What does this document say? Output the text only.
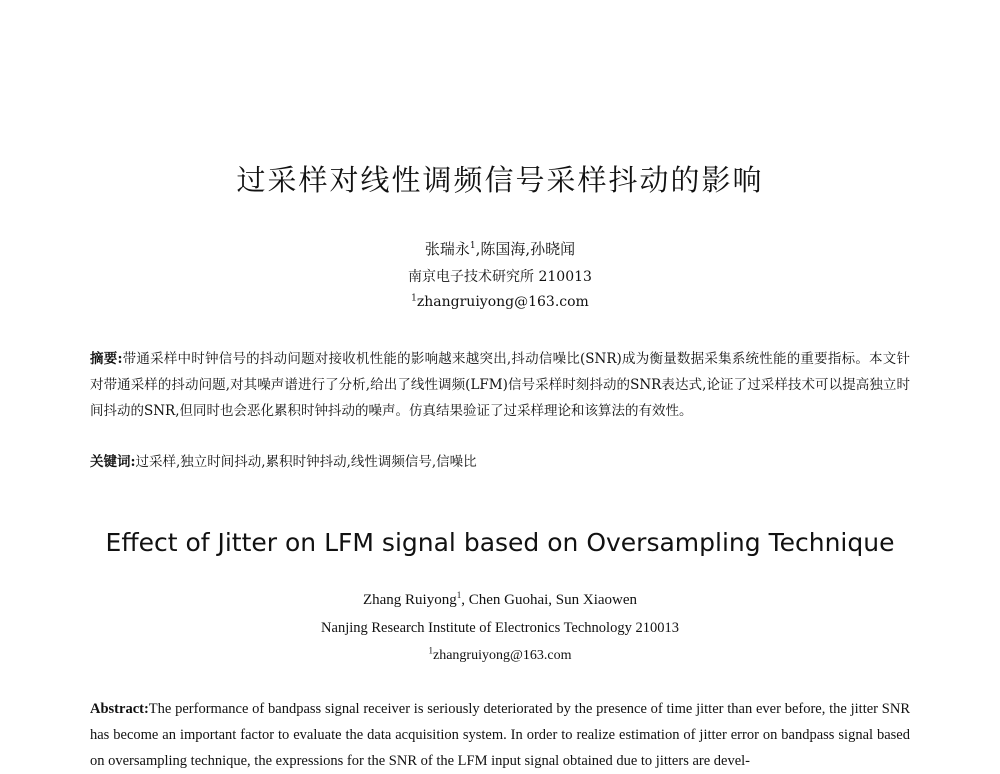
过采样对线性调频信号采样抖动的影响
张瑞永$^1$,陈国海,孙晓闻
南京电子技术研究所 210013
$^1$zhangruiyong@163.com
摘要:带通采样中时钟信号的抖动问题对接收机性能的影响越来越突出,抖动信噪比(SNR)成为衡量数据采集系统性能的重要指标。本文针对带通采样的抖动问题,对其噪声谱进行了分析,给出了线性调频(LFM)信号采样时刻抖动的SNR表达式,论证了过采样技术可以提高独立时间抖动的SNR,但同时也会恶化累积时钟抖动的噪声。仿真结果验证了过采样理论和该算法的有效性。
关键词:过采样,独立时间抖动,累积时钟抖动,线性调频信号,信噪比
Effect of Jitter on LFM signal based on Oversampling Technique
Zhang Ruiyong$^1$, Chen Guohai, Sun Xiaowen
Nanjing Research Institute of Electronics Technology 210013
$^1$zhangruiyong@163.com
Abstract:The performance of bandpass signal receiver is seriously deteriorated by the presence of time jitter than ever before, the jitter SNR has become an important factor to evaluate the data acquisition system. In order to realize estimation of jitter error on bandpass signal based on oversampling technique, the expressions for the SNR of the LFM input signal obtained due to jitters are devel-
